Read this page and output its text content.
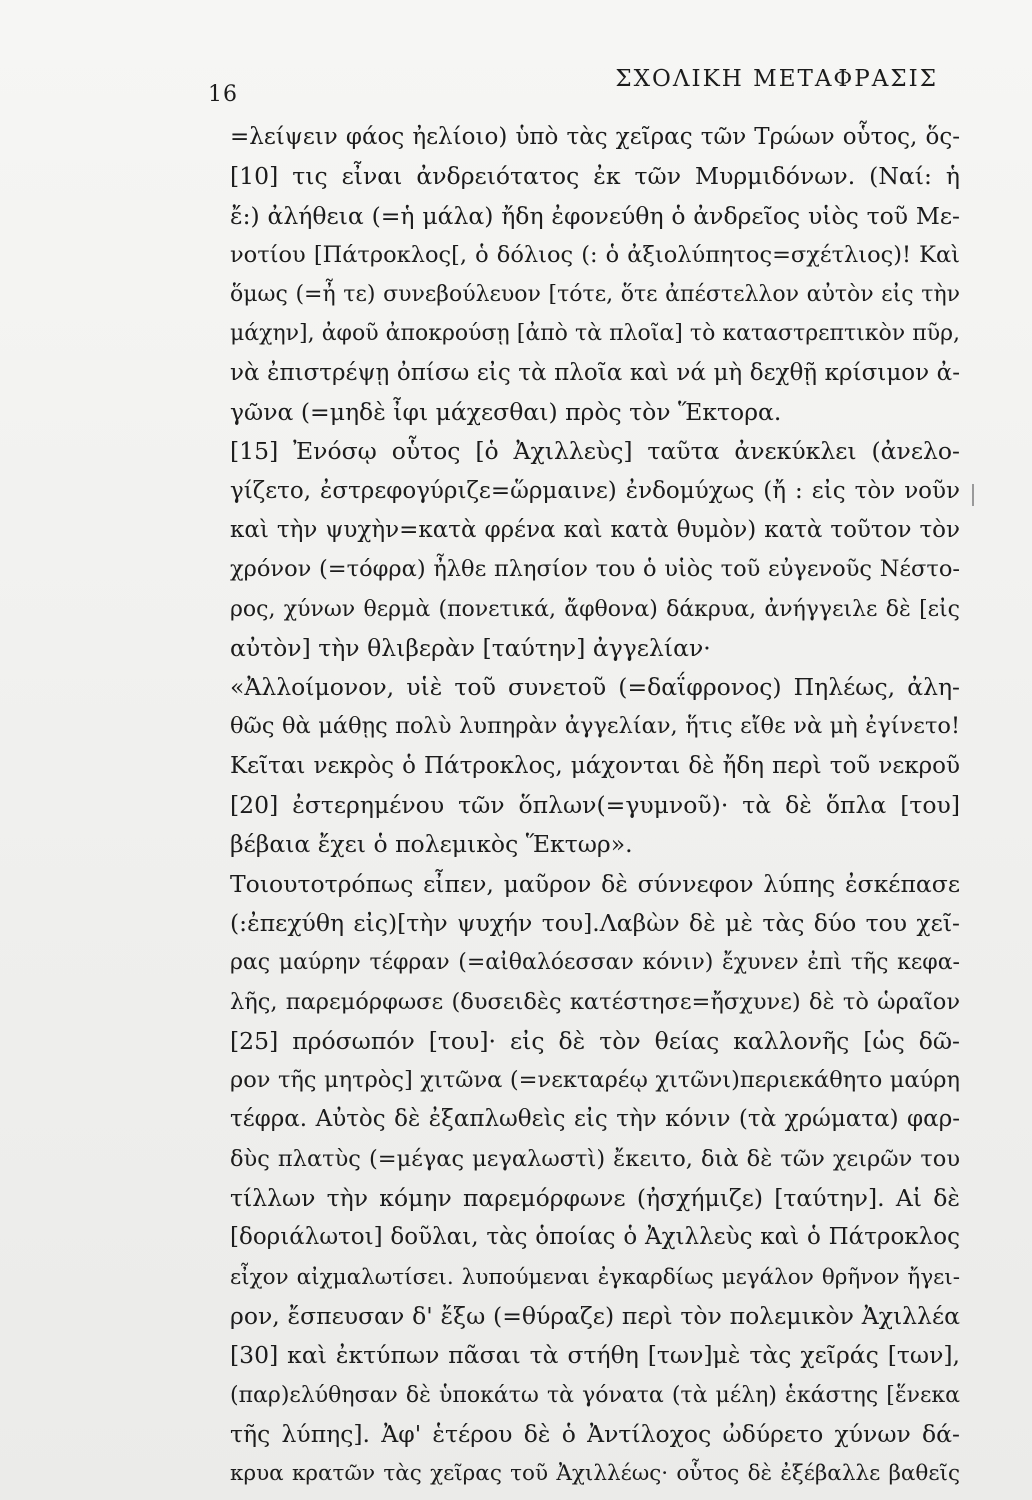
16
ΣΧΟΛΙΚΗ ΜΕΤΑΦΡΑΣΙΣ
=λείψειν φάος ἠελίοιο) ὑπὸ τὰς χεῖρας τῶν Τρώων οὗτος, ὅς-
[10] τις εἶναι ἀνδρειότατος ἐκ τῶν Μυρμιδόνων. (Ναί: ἡ
ἔ:) ἀλήθεια (=ἡ μάλα) ἤδη ἐφονεύθη ὁ ἀνδρεῖος υἱὸς τοῦ Με-
νοτίου [Πάτροκλος[, ὁ δόλιος (: ὁ ἀξιολύπητος=σχέτλιος)! Καὶ
ὅμως (=ἦ τε) συνεβούλευον [τότε, ὅτε ἀπέστελλον αὐτὸν εἰς τὴν
μάχην], ἀφοῦ ἀποκρούσῃ [ἀπὸ τὰ πλοῖα] τὸ καταστρεπτικὸν πῦρ,
νὰ ἐπιστρέψῃ ὀπίσω εἰς τὰ πλοῖα καὶ νά μὴ δεχθῇ κρίσιμον ἀ-
γῶνα (=μηδὲ ἶφι μάχεσθαι) πρὸς τὸν Ἕκτορα.
[15] Ἐνόσῳ οὗτος [ὁ Ἀχιλλεὺς] ταῦτα ἀνεκύκλει (ἀνελο-
γίζετο, ἐστρεφογύριζε=ὥρμαινε) ἐνδομύχως (ἤ : εἰς τὸν νοῦν
καὶ τὴν ψυχὴν=κατὰ φρένα καὶ κατὰ θυμὸν) κατὰ τοῦτον τὸν
χρόνον (=τόφρα) ἦλθε πλησίον του ὁ υἱὸς τοῦ εὐγενοῦς Νέστο-
ρος, χύνων θερμὰ (πονετικά, ἄφθονα) δάκρυα, ἀνήγγειλε δὲ [εἰς
αὐτὸν] τὴν θλιβερὰν [ταύτην] ἀγγελίαν·
«Ἀλλοίμονον, υἱὲ τοῦ συνετοῦ (=δαΐφρονος) Πηλέως, ἀλη-
θῶς θὰ μάθῃς πολὺ λυπηρὰν ἀγγελίαν, ἥτις εἴθε νὰ μὴ ἐγίνετο!
Κεῖται νεκρὸς ὁ Πάτροκλος, μάχονται δὲ ἤδη περὶ τοῦ νεκροῦ
[20] ἐστερημένου τῶν ὅπλων(=γυμνοῦ)· τὰ δὲ ὅπλα [του]
βέβαια ἔχει ὁ πολεμικὸς Ἕκτωρ».
Τοιουτοτρόπως εἶπεν, μαῦρον δὲ σύννεφον λύπης ἐσκέπασε
(:ἐπεχύθη εἰς)[τὴν ψυχήν του].Λαβὼν δὲ μὲ τὰς δύο του χεῖ-
ρας μαύρην τέφραν (=αἰθαλόεσσαν κόνιν) ἔχυνεν ἐπὶ τῆς κεφα-
λῆς, παρεμόρφωσε (δυσειδὲς κατέστησε=ἤσχυνε) δὲ τὸ ὡραῖον
[25] πρόσωπόν [του]· εἰς δὲ τὸν θείας καλλονῆς [ὡς δῶ-
ρον τῆς μητρὸς] χιτῶνα (=νεκταρέῳ χιτῶνι)περιεκάθητο μαύρη
τέφρα. Αὐτὸς δὲ ἐξαπλωθεὶς εἰς τὴν κόνιν (τὰ χρώματα) φαρ-
δὺς πλατὺς (=μέγας μεγαλωστὶ) ἔκειτο, διὰ δὲ τῶν χειρῶν του
τίλλων τὴν κόμην παρεμόρφωνε (ἠσχήμιζε) [ταύτην]. Αἱ δὲ
[δοριάλωτοι] δοῦλαι, τὰς ὁποίας ὁ Ἀχιλλεὺς καὶ ὁ Πάτροκλος
εἶχον αἰχμαλωτίσει. λυπούμεναι ἐγκαρδίως μεγάλον θρῆνον ἤγει-
ρον, ἔσπευσαν δ' ἔξω (=θύραζε) περὶ τὸν πολεμικὸν Ἀχιλλέα
[30] καὶ ἐκτύπων πᾶσαι τὰ στήθη [των]μὲ τὰς χεῖράς [των],
(παρ)ελύθησαν δὲ ὑποκάτω τὰ γόνατα (τὰ μέλη) ἑκάστης [ἕνεκα
τῆς λύπης]. Ἀφ' ἑτέρου δὲ ὁ Ἀντίλοχος ὠδύρετο χύνων δά-
κρυα κρατῶν τὰς χεῖρας τοῦ Ἀχιλλέως· οὗτος δὲ ἐξέβαλλε βαθεῖς
